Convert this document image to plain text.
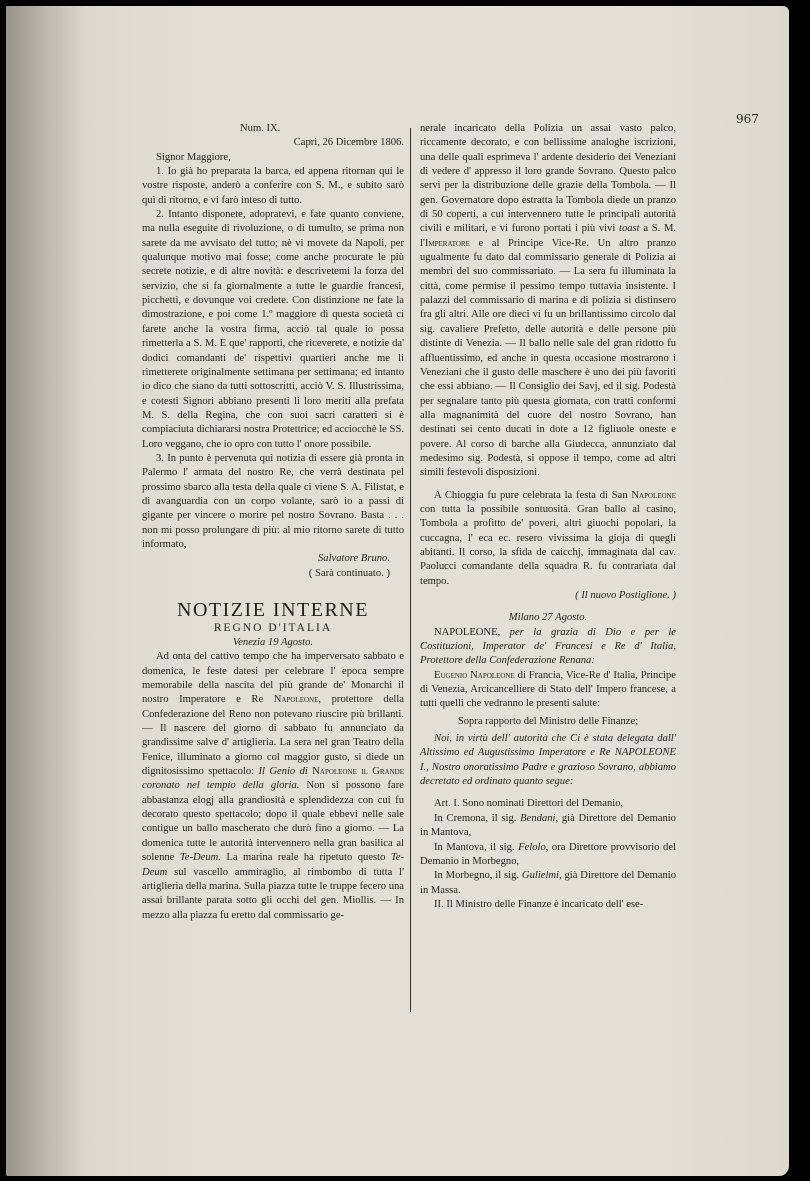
967
Num. IX.

Capri, 26 Dicembre 1806.

Signor Maggiore,

1. Io già ho preparata la barca, ed appena ritornan qui le vostre risposte, anderò a conferire con S. M., e subito sarò quì di ritorno, e vi farò inteso di tutto.

2. Intanto disponete, adopratevi, e fate quanto conviene, ma nulla eseguite di rivoluzione, o di tumulto, se prima non sarete da me avvisato del tutto; nè vi movete da Napoli, per qualunque motivo mai fosse; come anche procurate le più secrete notizie, e di altre novità: e descrivetemi la forza del servizio, che si fa giornalmente a tutte le guardie francesi, picchetti, e dovunque voi credete. Con distinzione ne fate la dimostrazione, e poi come 1.º maggiore di questa società ci farete anche la vostra firma, acciò tal quale io possa rimetterla a S. M. E que' rapporti, che riceverete, e notizie da' dodici comandanti de' rispettivi quartieri anche me li rimetterete originalmente settimana per settimana; ed intanto io dico che siano da tutti sottoscritti, acciò V. S. Illustrissima, e cotesti Signori abbiano presenti li loro meriti alla prefata M. S. della Regina, che con suoi sacri caratteri si è compiaciuta dichiararsi nostra Protettrice; ed acciocchè le SS. Loro veggano, che io opro con tutto l' onore possibile.

3. In punto è pervenuta quì notizia di essere già pronta in Palermo l' armata del nostro Re, che verrà destinata pel prossimo sbarco alla testa della quale ci viene S. A. Filistat, e di avanguardia con un corpo volante, sarò io a passi di gigante per vincere o morire pel nostro Sovrano. Basta . . . non mi posso prolungare di più: al mio ritorno sarete di tutto informato,

Salvatore Bruno.

( Sarà continuato. )

NOTIZIE INTERNE
REGNO D'ITALIA
Venezia 19 Agosto.

Ad onta del cattivo tempo che ha imperversato sabbato e domenica, le feste datesi per celebrare l' epoca sempre memorabile della nascita del più grande de' Monarchi il nostro Imperatore e Re Napoleone, protettore della Confederazione del Reno non potevano riuscire più brillanti. — Il nascere del giorno di sabbato fu annunciato da grandissime salve d' artiglieria. La sera nel gran Teatro della Fenice, illuminato a giorno col maggior gusto, si diede un dignitosissimo spettacolo: Il Genio di Napoleone il Grande coronato nel tempio della gloria. Non si possono fare abbastanza elogj alla grandiosità e splendidezza con cui fu decorato questo spettacolo; dopo il quale ebbevi nelle sale contigue un ballo mascherato che durò fino a giorno. — La domenica tutte le autorità intervennero nella gran basilica al solenne Te-Deum. La marina reale ha ripetuto questo Te-Deum sul vascello ammiraglio, al rimbombo di tutta l' artiglieria della marina. Sulla piazza tutte le truppe fecero una assai brillante parata sotto gli occhi del gen. Miollis. — In mezzo alla piazza fu eretto dal commissario ge-

nerale incaricato della Polizia un assai vasto palco, riccamente decorato, e con bellissime analoghe iscrizioni, una delle quali esprimeva l' ardente desiderio dei Veneziani di vedere d' appresso il loro grande Sovrano. Questo palco servì per la distribuzione delle grazie della Tombola. — Il gen. Governatore dopo estratta la Tombola diede un pranzo di 50 coperti, a cui intervennero tutte le principali autorità civili e militari, e vi furono portati i più vivi toast a S. M. l'Imperatore e al Principe Vice-Re. Un altro pranzo ugualmente fu dato dal commissario generale di Polizia ai membri del suo commissariato. — La sera fu illuminata la città, come permise il pessimo tempo tuttavia insistente. I palazzi del commissario di marina e di polizia si distinsero fra gli altri. Alle ore dieci vi fu un brillantissimo circolo dal sig. cavaliere Prefetto, delle autorità e delle persone più distinte di Venezia. — Il ballo nelle sale del gran ridotto fu affluentissimo, ed anche in questa occasione mostrarono i Veneziani che il gusto delle maschere è uno dei più favoriti che essi abbiano. — Il Consiglio dei Savj, ed il sig. Podestà per segnalare tanto più questa giornata, con tratti conformi alla magnanimità del cuore del nostro Sovrano, han destinati sei cento ducati in dote a 12 figliuole oneste e povere. Al corso di barche alla Giudecca, annunziato dal medesimo sig. Podestà, si oppose il tempo, come ad altri simili festevoli disposizioni.

A Chioggia fu pure celebrata la festa di San Napoleone con tutta la possibile sontuosità. Gran ballo al casino, Tombola a profitto de' poveri, altri giuochi popolari, la cuccagna, l' eca ec. resero vivissima la gioja di quegli abitanti. Il corso, la sfida de caicchj, immaginata dal cav. Paolucci comandante della squadra R. fu contrariata dal tempo.

( Il nuovo Postiglione. )

Milano 27 Agosto.

NAPOLEONE, per la grazia di Dio e per le Costituzioni, Imperator de' Francesi e Re d' Italia, Protettore della Confederazione Renana:

Eugenio Napoleone di Francia, Vice-Re d' Italia, Principe di Venezia, Arcicancelliere di Stato dell' Impero francese, a tutti quelli che vedranno le presenti salute:

Sopra rapporto del Ministro delle Finanze;

Noi, in virtù dell' autorità che Ci è stata delegata dall' Altissimo ed Augustissimo Imperatore e Re NAPOLEONE I., Nostro onoratissimo Padre e grazioso Sovrano, abbiamo decretato ed ordinato quanto segue:

Art. I. Sono nominati Direttori del Demanio,

In Cremona, il sig. Bendani, già Direttore del Demanio in Mantova,

In Mantova, il sig. Felolo, ora Direttore provvisorio del Demanio in Morbegno,

In Morbegno, il sig. Gulielmi, già Direttore del Demanio in Massa.

II. Il Ministro delle Finanze è incaricato dell' ese-
